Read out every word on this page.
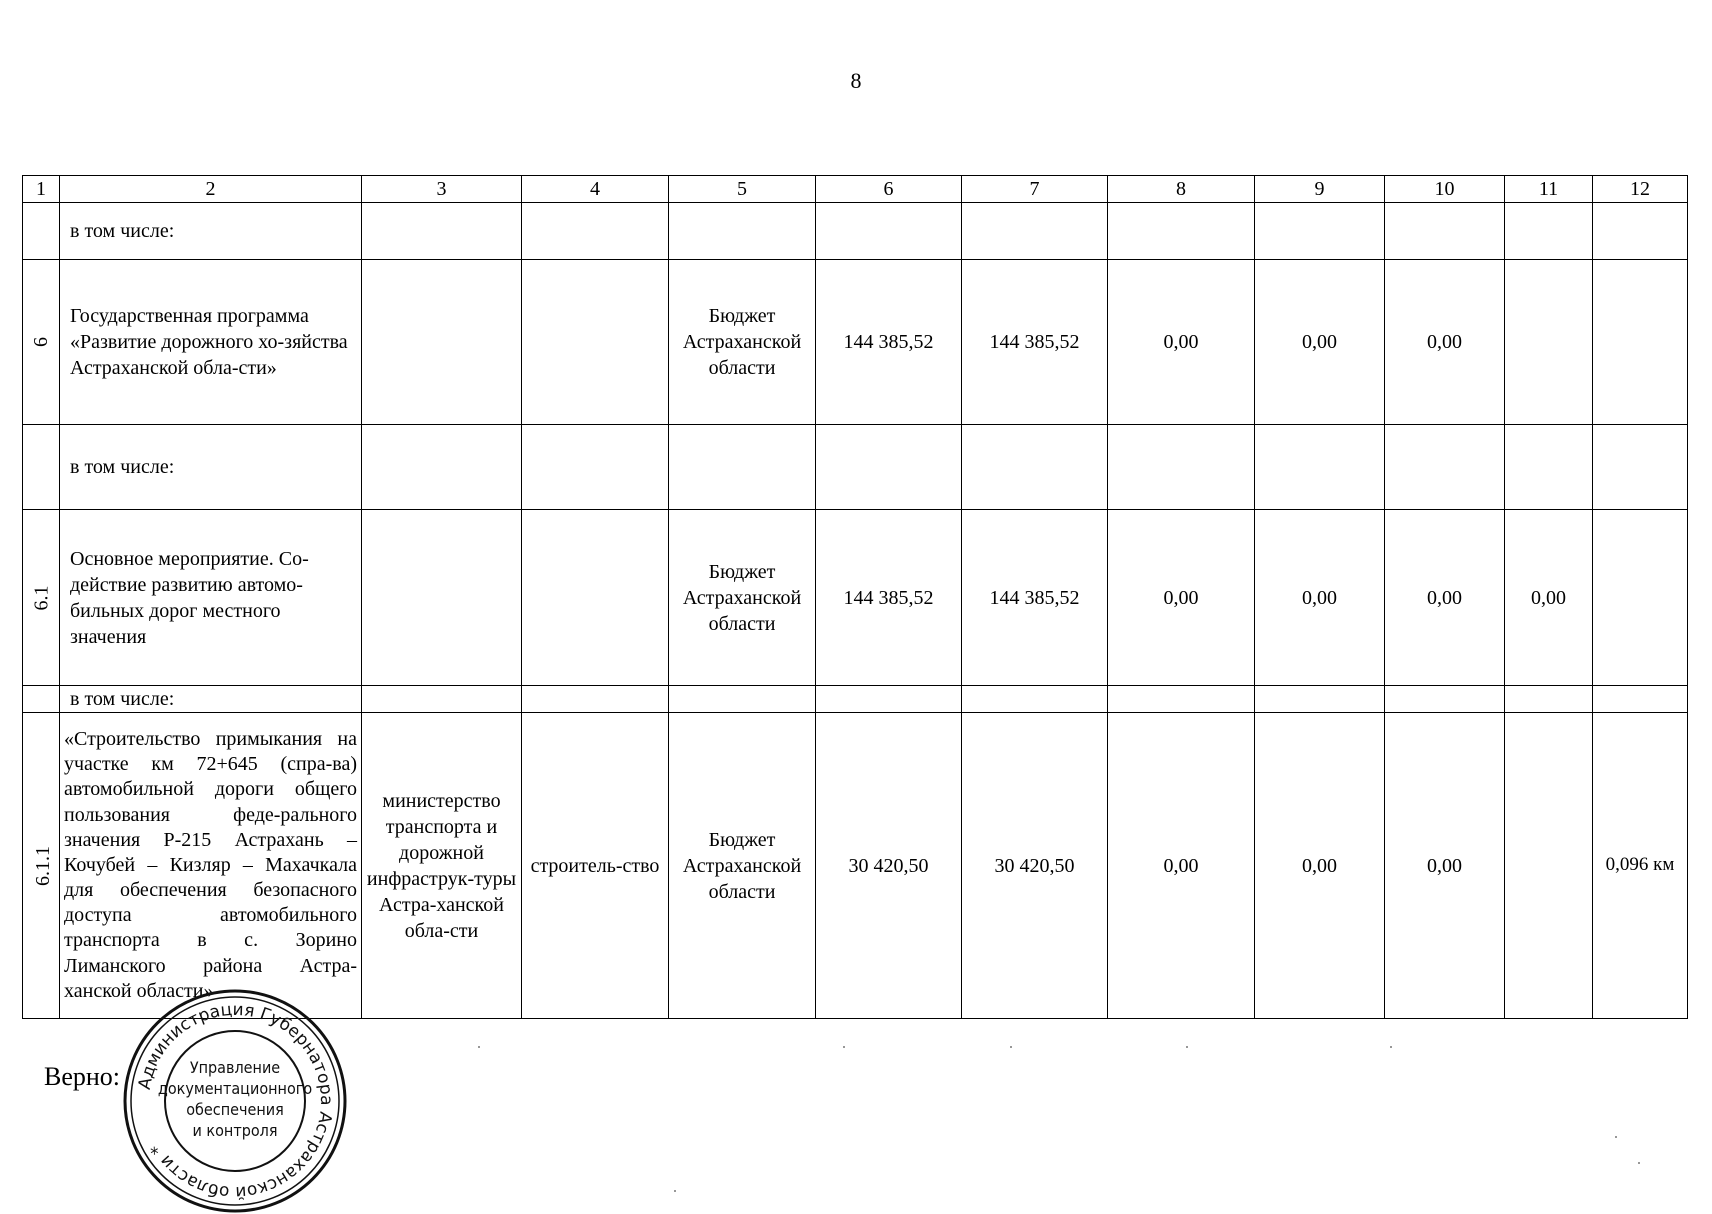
8
1	2	3	4	5	6	7	8	9	10	11	12
	в том числе:										
6	Государственная программа «Развитие дорожного хо-зяйства Астраханской обла-сти»			Бюджет Астраханской области	144 385,52	144 385,52	0,00	0,00	0,00		
	в том числе:										
6.1	Основное мероприятие. Со-действие развитию автомо-бильных дорог местного значения			Бюджет Астраханской области	144 385,52	144 385,52	0,00	0,00	0,00	0,00	
	в том числе:										
6.1.1	«Строительство примыкания на участке км 72+645 (спра-ва) автомобильной дороги общего пользования феде-рального значения Р-215 Астрахань – Кочубей – Кизляр – Махачкала для обеспечения безопасного доступа автомобильного транспорта в с. Зорино Лиманского района Астра-ханской области»	министерство транспорта и дорожной инфраструк-туры Астра-ханской обла-сти	строитель-ство	Бюджет Астраханской области	30 420,50	30 420,50	0,00	0,00	0,00		0,096 км
Верно: Администрация Губернатора Астраханской области *
Управление
документационного
обеспечения
и контроля
